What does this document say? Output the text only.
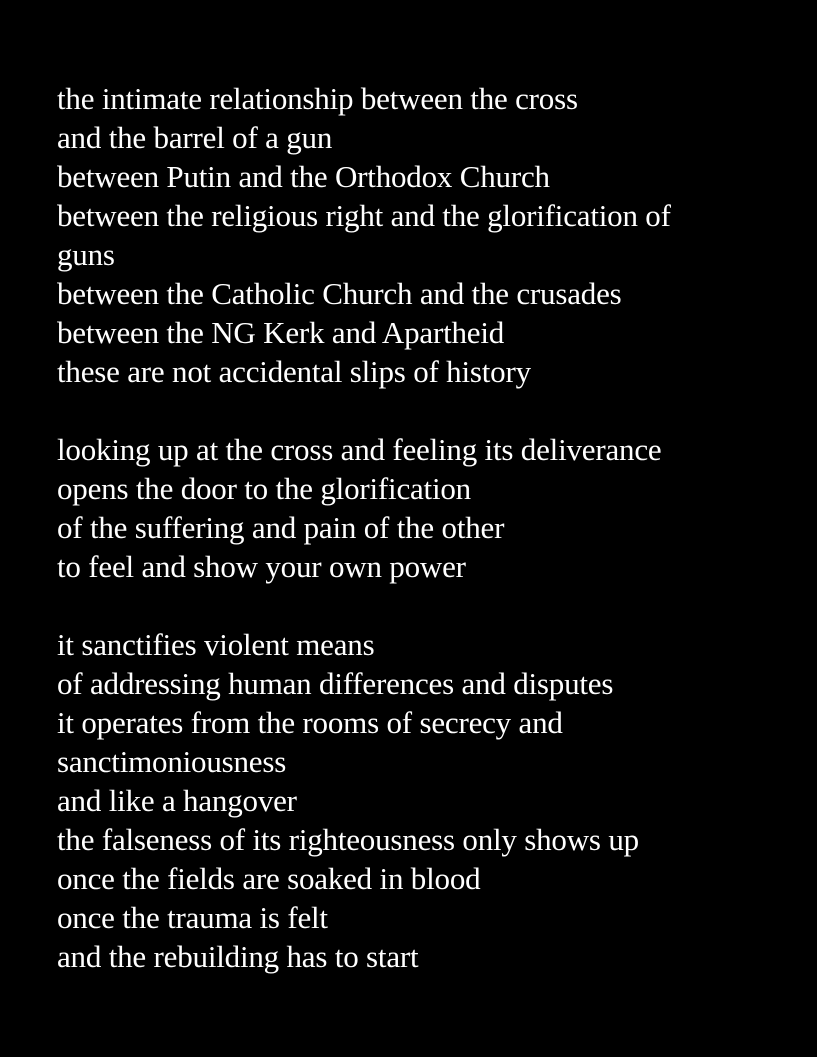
the intimate relationship between the cross
and the barrel of a gun
between Putin and the Orthodox Church
between the religious right and the glorification of
guns
between the Catholic Church and the crusades
between the NG Kerk and Apartheid
these are not accidental slips of history
looking up at the cross and feeling its deliverance
opens the door to the glorification
of the suffering and pain of the other
to feel and show your own power
it sanctifies violent means
of addressing human differences and disputes
it operates from the rooms of secrecy and
sanctimoniousness
and like a hangover
the falseness of its righteousness only shows up
once the fields are soaked in blood
once the trauma is felt
and the rebuilding has to start
